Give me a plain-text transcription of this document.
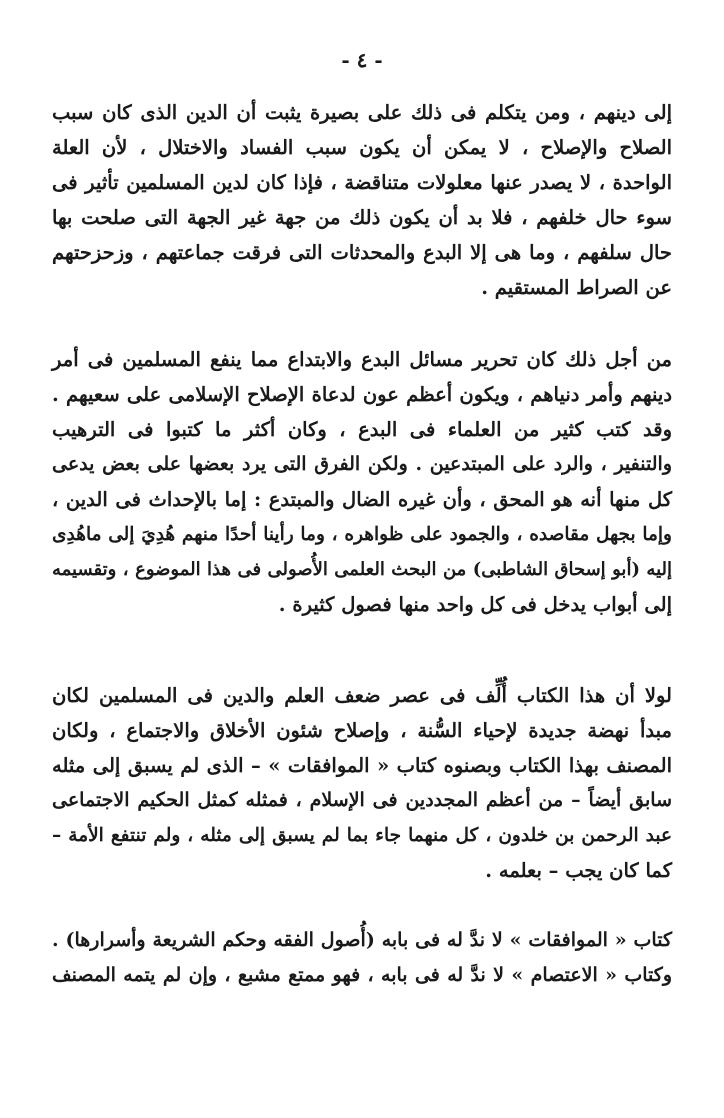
- ٤ -
إلى دينهم ، ومن يتكلم فى ذلك على بصيرة يثبت أن الدين الذى كان سبب
الصلاح والإصلاح ، لا يمكن أن يكون سبب الفساد والاختلال ، لأن العلة
الواحدة ، لا يصدر عنها معلولات متناقضة ، فإذا كان لدين المسلمين تأثير فى
سوء حال خلفهم ، فلا بد أن يكون ذلك من جهة غير الجهة التى صلحت بها
حال سلفهم ، وما هى إلا البدع والمحدثات التى فرقت جماعتهم ، وزحزحتهم
عن الصراط المستقيم .
من أجل ذلك كان تحرير مسائل البدع والابتداع مما ينفع المسلمين فى أمر
دينهم وأمر دنياهم ، ويكون أعظم عون لدعاة الإصلاح الإسلامى على سعيهم .
وقد كتب كثير من العلماء فى البدع ، وكان أكثر ما كتبوا فى الترهيب
والتنفير ، والرد على المبتدعين . ولكن الفرق التى يرد بعضها على بعض يدعى
كل منها أنه هو المحق ، وأن غيره الضال والمبتدع : إما بالإحداث فى الدين ،
وإما بجهل مقاصده ، والجمود على ظواهره ، وما رأينا أحدًا منهم هُدِيَ إلى ماهُدِى
إليه (أبو إسحاق الشاطبى) من البحث العلمى الأُصولى فى هذا الموضوع ، وتقسيمه
إلى أبواب يدخل فى كل واحد منها فصول كثيرة .
لولا أن هذا الكتاب أُلِّف فى عصر ضعف العلم والدين فى المسلمين لكان
مبدأ نهضة جديدة لإحياء السُّنة ، وإصلاح شئون الأخلاق والاجتماع ، ولكان
المصنف بهذا الكتاب وبصنوه كتاب « الموافقات » – الذى لم يسبق إلى مثله
سابق أيضاً – من أعظم المجددين فى الإسلام ، فمثله كمثل الحكيم الاجتماعى
عبد الرحمن بن خلدون ، كل منهما جاء بما لم يسبق إلى مثله ، ولم تنتفع الأمة –
كما كان يجب – بعلمه .
كتاب « الموافقات » لا ندَّ له فى بابه (أُصول الفقه وحكم الشريعة وأسرارها) .
وكتاب « الاعتصام » لا ندَّ له فى بابه ، فهو ممتع مشبع ، وإن لم يتمه المصنف
